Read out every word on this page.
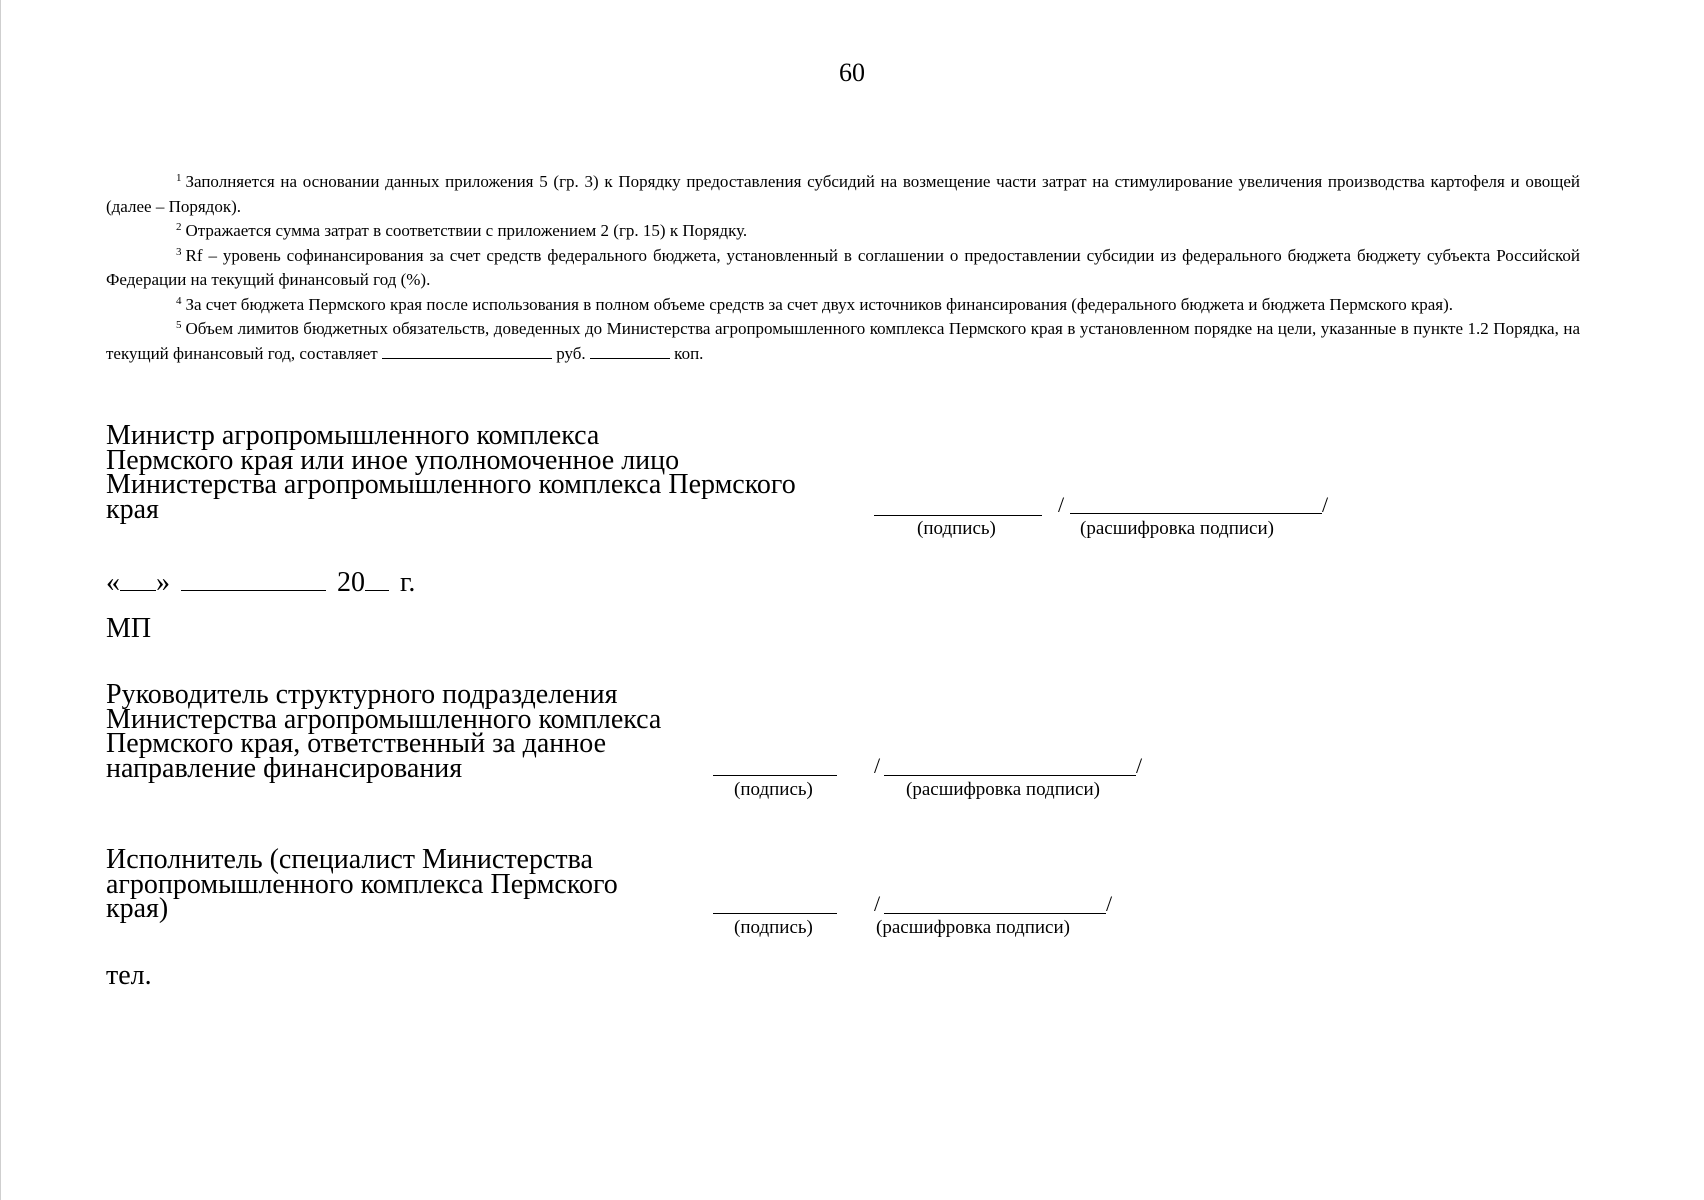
60

$^1$ Заполняется на основании данных приложения 5 (гр. 3) к Порядку предоставления субсидий на возмещение части затрат на стимулирование увеличения производства картофеля и овощей (далее – Порядок).

$^2$ Отражается сумма затрат в соответствии с приложением 2 (гр. 15) к Порядку.

$^3$ Rf – уровень софинансирования за счет средств федерального бюджета, установленный в соглашении о предоставлении субсидии из федерального бюджета бюджету субъекта Российской Федерации на текущий финансовый год (%).

$^4$ За счет бюджета Пермского края после использования в полном объеме средств за счет двух источников финансирования (федерального бюджета и бюджета Пермского края).

$^5$ Объем лимитов бюджетных обязательств, доведенных до Министерства агропромышленного комплекса Пермского края в установленном порядке на цели, указанные в пункте 1.2 Порядка, на текущий финансовый год, составляет	руб.	коп.

Министр агропромышленного комплекса
Пермского края или иное уполномоченное лицо
Министерства агропромышленного комплекса Пермского
края	/	/
(подпись)	(расшифровка подписи)
« »	20 г.
МП
Руководитель структурного подразделения
Министерства агропромышленного комплекса
Пермского края, ответственный за данное
направление финансирования	/	/
(подпись)	(расшифровка подписи)
Исполнитель (специалист Министерства
агропромышленного комплекса Пермского
края)	/	/
(подпись)	(расшифровка подписи)
тел.
